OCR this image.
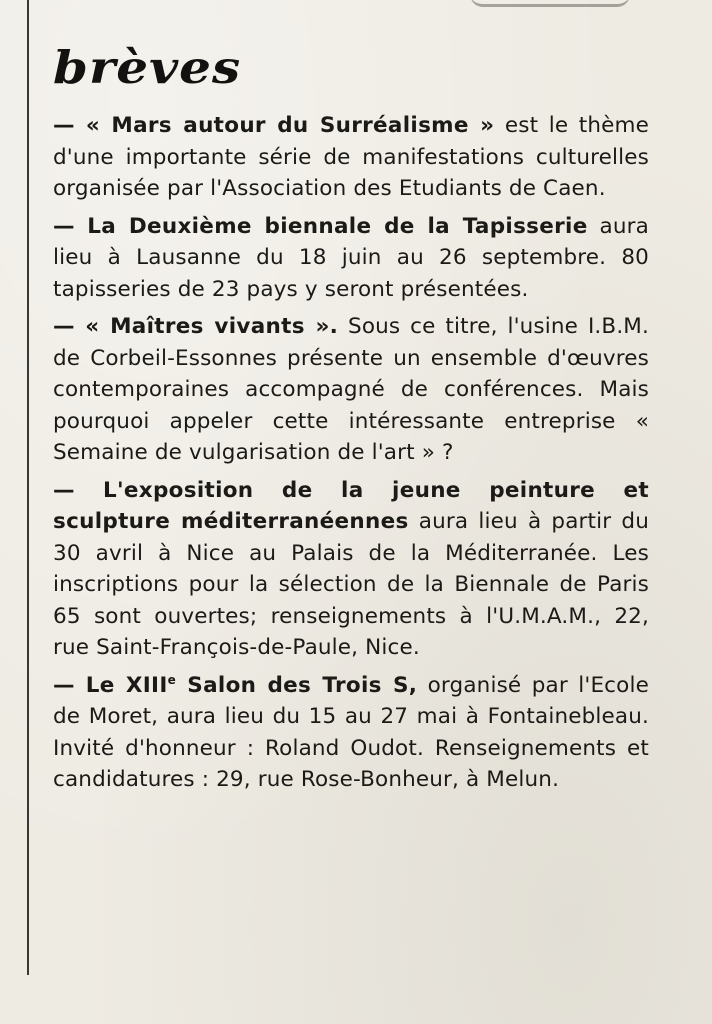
brèves

— « Mars autour du Surréalisme » est le thème d'une importante série de manifestations culturelles organisée par l'Association des Etudiants de Caen.

— La Deuxième biennale de la Tapisserie aura lieu à Lausanne du 18 juin au 26 septembre. 80 tapisseries de 23 pays y seront présentées.

— « Maîtres vivants ». Sous ce titre, l'usine I.B.M. de Corbeil-Essonnes présente un ensemble d'œuvres contemporaines accompagné de conférences. Mais pourquoi appeler cette intéressante entreprise « Semaine de vulgarisation de l'art » ?

— L'exposition de la jeune peinture et sculpture méditerranéennes aura lieu à partir du 30 avril à Nice au Palais de la Méditerranée. Les inscriptions pour la sélection de la Biennale de Paris 65 sont ouvertes; renseignements à l'U.M.A.M., 22, rue Saint-François-de-Paule, Nice.

— Le XIIIe Salon des Trois S, organisé par l'Ecole de Moret, aura lieu du 15 au 27 mai à Fontainebleau. Invité d'honneur : Roland Oudot. Renseignements et candidatures : 29, rue Rose-Bonheur, à Melun.
